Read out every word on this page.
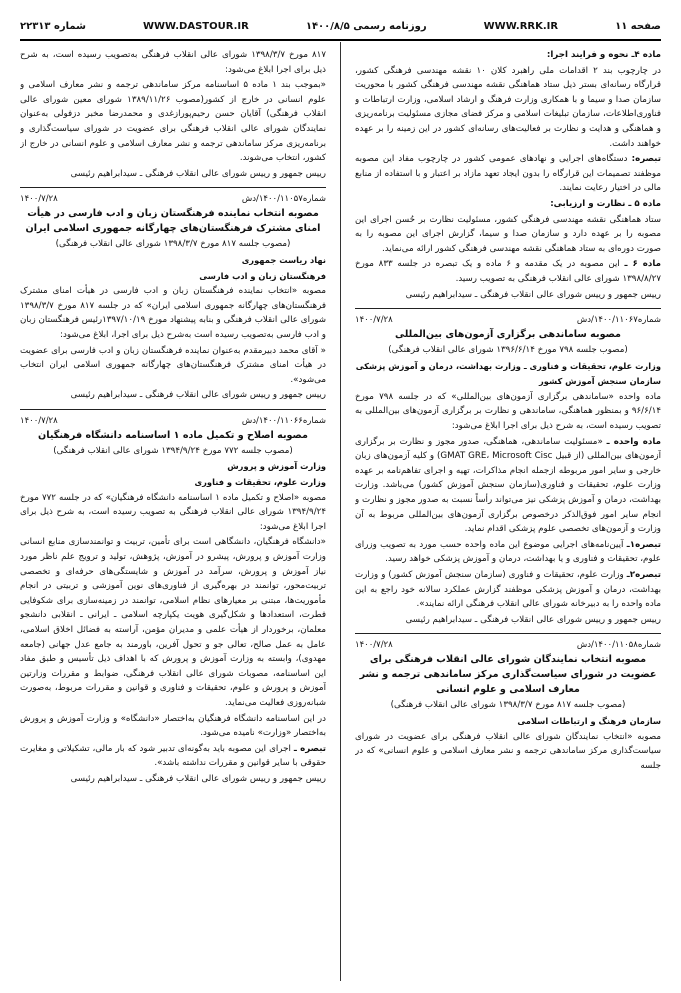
شماره ۲۲۳۱۳	WWW.DASTOUR.IR	روزنامه رسمی ۱۴۰۰/۸/۵	WWW.RRK.IR	صفحه ۱۱

ماده ۴ـ نحوه و فرایند اجرا:

در چارچوب بند ۲ اقدامات ملی راهبرد کلان ۱۰ نقشه مهندسی فرهنگی کشور، قرارگاه رسانه‌ای بستر ذیل ستاد هماهنگی نقشه مهندسی فرهنگی کشور با محوریت سازمان صدا و سیما و با همکاری وزارت فرهنگ و ارشاد اسلامی، وزارت ارتباطات و فناوری‌اطلاعات، سازمان تبلیغات اسلامی و مرکز فضای مجازی مسئولیت برنامه‌ریزی و هماهنگی و هدایت و نظارت بر فعالیت‌های رسانه‌ای کشور در این زمینه را بر عهده خواهند داشت.

تبصره: دستگاه‌های اجرایی و نهادهای عمومی کشور در چارچوب مفاد این مصوبه موظفند تصمیمات این قرارگاه را بدون ایجاد تعهد مازاد بر اعتبار و با استفاده از منابع مالی در اختیار رعایت نمایند.

ماده ۵ ـ نظارت و ارزیابی:

ستاد هماهنگی نقشه مهندسی فرهنگی کشور، مسئولیت نظارت بر حُسن اجرای این مصوبه را بر عهده دارد و سازمان صدا و سیما، گزارش اجرای این مصوبه را به صورت دوره‌ای به ستاد هماهنگی نقشه مهندسی فرهنگی کشور ارائه می‌نماید.

ماده ۶ ـ این مصوبه در یک مقدمه و ۶ ماده و یک تبصره در جلسه ۸۳۳ مورخ ۱۳۹۸/۸/۲۷ شورای عالی انقلاب فرهنگی به تصویب رسید.

رییس جمهور و رییس شورای عالی انقلاب فرهنگی ـ سیدابراهیم رئیسی

شماره۱۴۰۰/۱۱۰۶۷/دش
۱۴۰۰/۷/۲۸

مصوبه ساماندهی برگزاری آزمون‌های بین‌المللی

(مصوب جلسه ۷۹۸ مورخ ۱۳۹۶/۶/۱۴ شورای عالی انقلاب فرهنگی)

وزارت علوم، تحقیقات و فناوری ـ وزارت بهداشت، درمان و آموزش پزشکی

سازمان سنجش آموزش کشور

ماده واحده «ساماندهی برگزاری آزمون‌های بین‌المللی» که در جلسه ۷۹۸ مورخ ۹۶/۶/۱۴ و بمنظور هماهنگی، ساماندهی و نظارت بر برگزاری آزمون‌های بین‌المللی به تصویب رسیده است، به شرح ذیل برای اجرا ابلاغ می‌شود:

ماده واحده ـ «مسئولیت ساماندهی، هماهنگی، صدور مجوز و نظارت بر برگزاری آزمون‌های بین‌المللی (از قبیل GMAT GRE، Microsoft Cisc) و کلیه آزمون‌های زبان خارجی و سایر امور مربوطه ازجمله انجام مذاکرات، تهیه و اجرای تفاهم‌نامه بر عهده وزارت علوم، تحقیقات و فناوری(سازمان سنجش آموزش کشور) می‌باشد. وزارت بهداشت، درمان و آموزش پزشکی نیز می‌تواند رأساً نسبت به صدور مجوز و نظارت و انجام سایر امور فوق‌الذکر درخصوص برگزاری آزمون‌های بین‌المللی مربوط به آن وزارت و آزمون‌های تخصصی علوم پزشکی اقدام نماید.

تبصره۱ـ آیین‌نامه‌های اجرایی موضوع این ماده واحده حسب مورد به تصویب وزرای علوم، تحقیقات و فناوری و یا بهداشت، درمان و آموزش پزشکی خواهد رسید.

تبصره۲ـ وزارت علوم، تحقیقات و فناوری (سازمان سنجش آموزش کشور) و وزارت بهداشت، درمان و آموزش پزشکی موظفند گزارش عملکرد سالانه خود راجع به این ماده واحده را به دبیرخانه شورای عالی انقلاب فرهنگی ارائه نمایند».

رییس جمهور و رییس شورای عالی انقلاب فرهنگی ـ سیدابراهیم رئیسی

شماره۱۴۰۰/۱۱۰۵۸/دش
۱۴۰۰/۷/۲۸

مصوبه انتخاب نمایندگان شورای عالی انقلاب فرهنگی برای عضویت در شورای سیاست‌گذاری مرکز ساماندهی ترجمه و نشر معارف اسلامی و علوم انسانی

(مصوب جلسه ۸۱۷ مورخ ۱۳۹۸/۳/۷ شورای عالی انقلاب فرهنگی)

سازمان فرهنگ و ارتباطات اسلامی

مصوبه «انتخاب نمایندگان شورای عالی انقلاب فرهنگی برای عضویت در شورای سیاست‌گذاری مرکز ساماندهی ترجمه و نشر معارف اسلامی و علوم انسانی» که در جلسه

۸۱۷ مورخ ۱۳۹۸/۳/۷ شورای عالی انقلاب فرهنگی به‌تصویب رسیده است، به شرح ذیل برای اجرا ابلاغ می‌شود:

«بموجب بند ۱ ماده ۵ اساسنامه مرکز ساماندهی ترجمه و نشر معارف اسلامی و علوم انسانی در خارج از کشور(مصوب ۱۳۸۹/۱۱/۲۶ شورای معین شورای عالی انقلاب فرهنگی) آقایان حسن رحیم‌پورازغدی و محمدرضا مخبر دزفولی به‌عنوان نمایندگان شورای عالی انقلاب فرهنگی برای عضویت در شورای سیاست‌گذاری و برنامه‌ریزی مرکز ساماندهی ترجمه و نشر معارف اسلامی و علوم انسانی در خارج از کشور، انتخاب می‌شوند.

رییس جمهور و رییس شورای عالی انقلاب فرهنگی ـ سیدابراهیم رئیسی

شماره۱۴۰۰/۱۱۰۵۷/دش
۱۴۰۰/۷/۲۸

مصوبه انتخاب نماینده فرهنگستان زبان و ادب فارسی در هیأت امنای مشترک فرهنگستان‌های چهارگانه جمهوری اسلامی ایران

(مصوب جلسه ۸۱۷ مورخ ۱۳۹۸/۳/۷ شورای عالی انقلاب فرهنگی)

نهاد ریاست جمهوری

فرهنگستان زبان و ادب فارسی

مصوبه «انتخاب نماینده فرهنگستان زبان و ادب فارسی در هیأت امنای مشترک فرهنگستان‌های چهارگانه جمهوری اسلامی ایران» که در جلسه ۸۱۷ مورخ ۱۳۹۸/۳/۷ شورای عالی انقلاب فرهنگی و بنابه پیشنهاد مورخ ۱۳۹۷/۱۰/۱۹رئیس فرهنگستان زبان و ادب فارسی به‌تصویب رسیده است به‌شرح ذیل برای اجرا، ابلاغ می‌شود:

« آقای محمد دبیرمقدم به‌عنوان نماینده فرهنگستان زبان و ادب فارسی برای عضویت در هیأت امنای مشترک فرهنگستان‌های چهارگانه جمهوری اسلامی ایران انتخاب می‌شود».

رییس جمهور و رییس شورای عالی انقلاب فرهنگی ـ سیدابراهیم رئیسی

شماره۱۴۰۰/۱۱۰۶۶/دش
۱۴۰۰/۷/۲۸

مصوبه اصلاح و تکمیل ماده ۱ اساسنامه دانشگاه فرهنگیان

(مصوب جلسه ۷۷۲ مورخ ۱۳۹۴/۹/۲۴ شورای عالی انقلاب فرهنگی)

وزارت آموزش و پرورش

وزارت علوم، تحقیقات و فناوری

مصوبه «اصلاح و تکمیل ماده ۱ اساسنامه دانشگاه فرهنگیان» که در جلسه ۷۷۲ مورخ ۱۳۹۴/۹/۲۴ شورای عالی انقلاب فرهنگی به تصویب رسیده است، به شرح ذیل برای اجرا ابلاغ می‌شود:

«دانشگاه فرهنگیان، دانشگاهی است برای تأمین، تربیت و توانمندسازی منابع انسانی وزارت آموزش و پرورش، پیشرو در آموزش، پژوهش، تولید و ترویج علم ناظر مورد نیاز آموزش و پرورش، سرآمد در آموزش و شایستگی‌های حرفه‌ای و تخصصی تربیت‌محور، توانمند در بهره‌گیری از فناوری‌های نوین آموزشی و تربیتی در انجام مأموریت‌ها، مبتنی بر معیارهای نظام اسلامی، توانمند در زمینه‌سازی برای شکوفایی فطرت، استعدادها و شکل‌گیری هویت یکپارچه اسلامی ـ ایرانی ـ انقلابی دانشجو معلمان، برخوردار از هیأت علمی و مدیران مؤمن، آراسته به فضائل اخلاق اسلامی، عامل به عمل صالح، تعالی جو و تحول آفرین، باورمند به جامع عدل جهانی (جامعه مهدوی)، وابسته به وزارت آموزش و پرورش که با اهداف ذیل تأسیس و طبق مفاد این اساسنامه، مصوبات شورای عالی انقلاب فرهنگی، ضوابط و مقررات وزارتین آموزش و پرورش و علوم، تحقیقات و فناوری و قوانین و مقررات مربوط، به‌صورت شبانه‌روزی فعالیت می‌نماید.

در این اساسنامه دانشگاه فرهنگیان به‌اختصار «دانشگاه» و وزارت آموزش و پرورش به‌اختصار «وزارت» نامیده می‌شود.

تبصره ـ اجرای این مصوبه باید به‌گونه‌ای تدبیر شود که بار مالی، تشکیلاتی و مغایرت حقوقی با سایر قوانین و مقررات نداشته باشد».

رییس جمهور و رییس شورای عالی انقلاب فرهنگی ـ سیدابراهیم رئیسی
